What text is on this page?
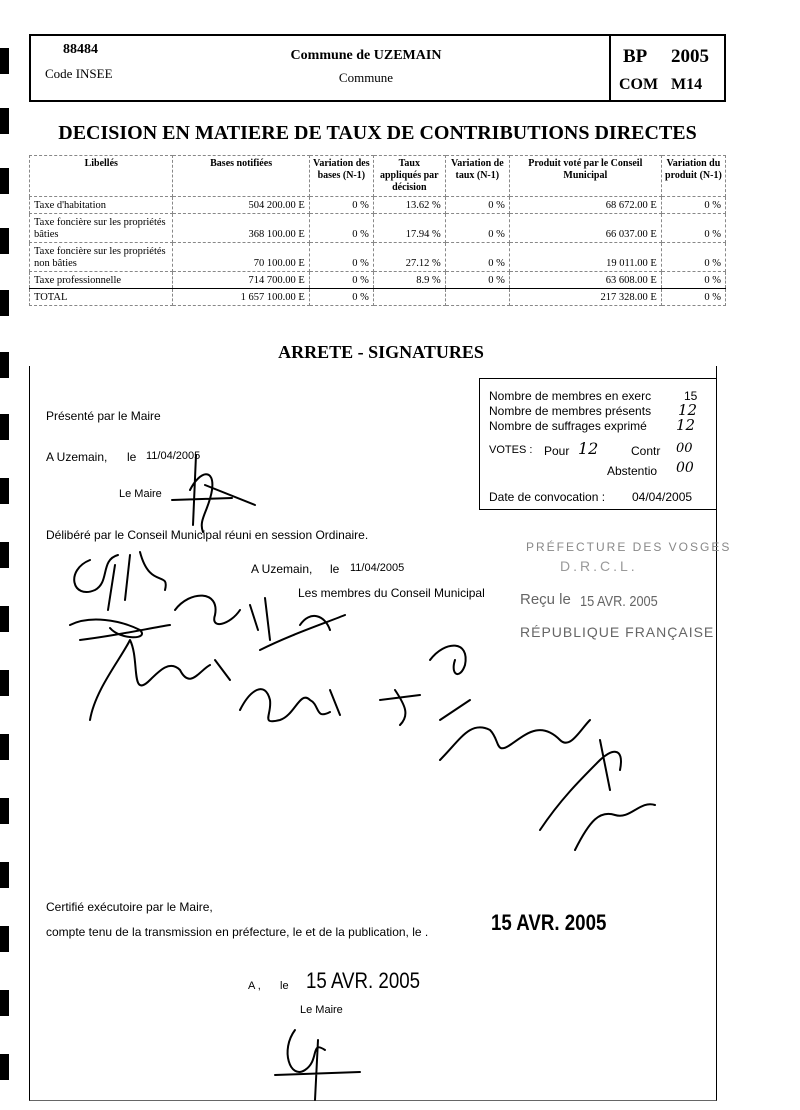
88484
Code INSEE
Commune de UZEMAIN
Commune
BP 2005
COM M14
DECISION EN MATIERE DE TAUX DE CONTRIBUTIONS DIRECTES
Libellés	Bases notifiées	Variation des bases (N-1)	Taux appliqués par décision	Variation de taux (N-1)	Produit voté par le Conseil Municipal	Variation du produit (N-1)
Taxe d'habitation	504 200.00 E	0 %	13.62 %	0 %	68 672.00 E	0 %
Taxe foncière sur les propriétés bâties	368 100.00 E	0 %	17.94 %	0 %	66 037.00 E	0 %
Taxe foncière sur les propriétés non bâties	70 100.00 E	0 %	27.12 %	0 %	19 011.00 E	0 %
Taxe professionnelle	714 700.00 E	0 %	8.9 %	0 %	63 608.00 E	0 %
TOTAL	1 657 100.00 E	0 %			217 328.00 E	0 %
ARRETE - SIGNATURES
Nombre de membres en exerc	15
Nombre de membres présents 12
Nombre de suffrages exprimé 12
VOTES : Pour 12	Contr 00
Abstentio 00
Date de convocation : 04/04/2005
Présenté par le Maire
A Uzemain, le 11/04/2005
Le Maire
Délibéré par le Conseil Municipal réuni en session Ordinaire.
A Uzemain, le 11/04/2005
Les membres du Conseil Municipal
Certifié exécutoire par le Maire,
compte tenu de la transmission en préfecture, le et de la publication, le .	15 AVR. 2005
A , le 15 AVR. 2005
Le Maire
PRÉFECTURE DES VOSGES
D.R.C.L.
Reçu le 15 AVR. 2005
RÉPUBLIQUE FRANÇAISE
